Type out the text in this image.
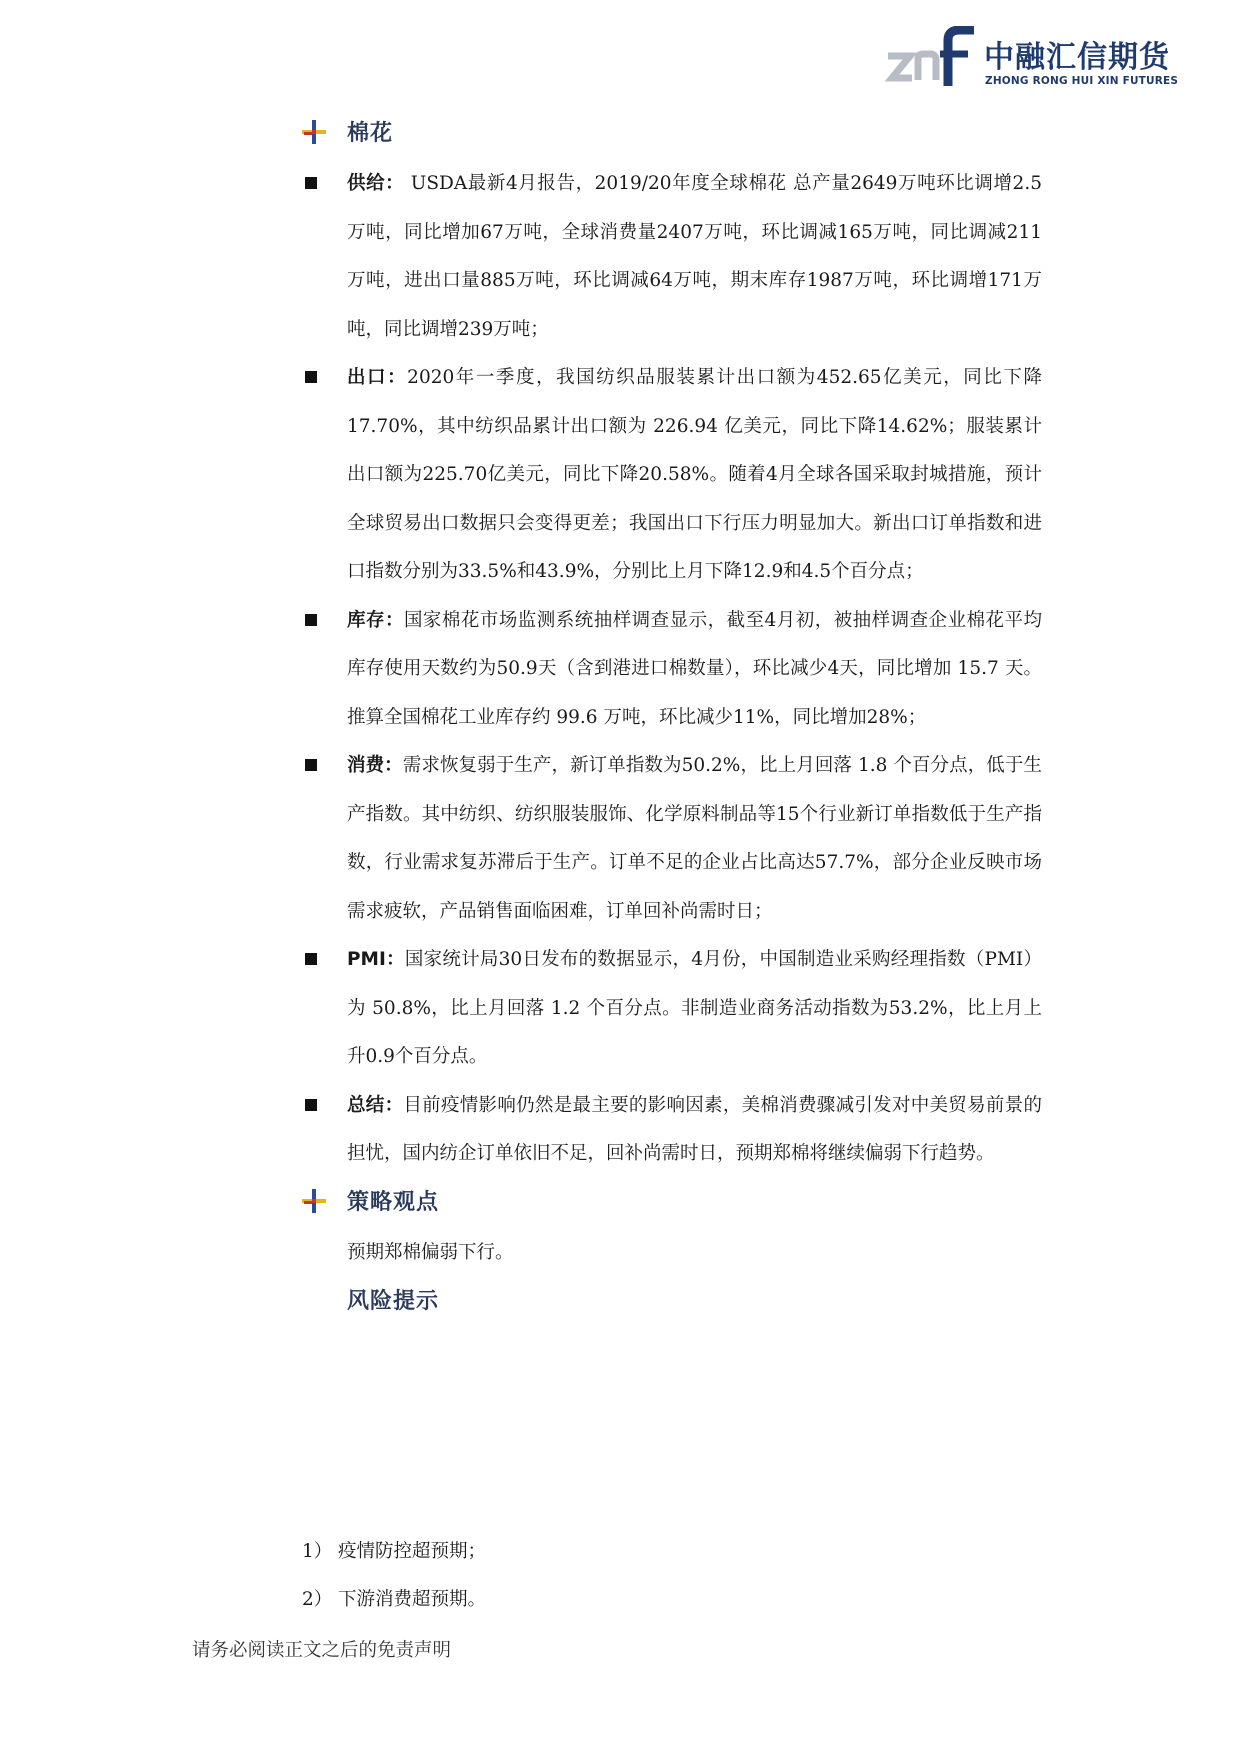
中融汇信期货
ZHONG RONG HUI XIN FUTURES
棉花
供给： USDA最新4月报告，2019/20年度全球棉花 总产量2649万吨环比调增2.5万吨，同比增加67万吨，全球消费量2407万吨，环比调减165万吨，同比调减211万吨，进出口量885万吨，环比调减64万吨，期末库存1987万吨，环比调增171万吨，同比调增239万吨；
出口：2020年一季度，我国纺织品服装累计出口额为452.65亿美元，同比下降 17.70%，其中纺织品累计出口额为 226.94 亿美元，同比下降14.62%；服装累计出口额为225.70亿美元，同比下降20.58%。随着4月全球各国采取封城措施，预计全球贸易出口数据只会变得更差；我国出口下行压力明显加大。新出口订单指数和进口指数分别为33.5%和43.9%，分别比上月下降12.9和4.5个百分点；
库存：国家棉花市场监测系统抽样调查显示，截至4月初，被抽样调查企业棉花平均库存使用天数约为50.9天（含到港进口棉数量），环比减少4天，同比增加 15.7 天。推算全国棉花工业库存约 99.6 万吨，环比减少11%，同比增加28%；
消费：需求恢复弱于生产，新订单指数为50.2%，比上月回落 1.8 个百分点，低于生产指数。其中纺织、纺织服装服饰、化学原料制品等15个行业新订单指数低于生产指数，行业需求复苏滞后于生产。订单不足的企业占比高达57.7%，部分企业反映市场需求疲软，产品销售面临困难，订单回补尚需时日；
PMI：国家统计局30日发布的数据显示，4月份，中国制造业采购经理指数（PMI）为 50.8%，比上月回落 1.2 个百分点。非制造业商务活动指数为53.2%，比上月上升0.9个百分点。
总结：目前疫情影响仍然是最主要的影响因素，美棉消费骤减引发对中美贸易前景的担忧，国内纺企订单依旧不足，回补尚需时日，预期郑棉将继续偏弱下行趋势。
策略观点
预期郑棉偏弱下行。
风险提示
1） 疫情防控超预期；
2） 下游消费超预期。
请务必阅读正文之后的免责声明
